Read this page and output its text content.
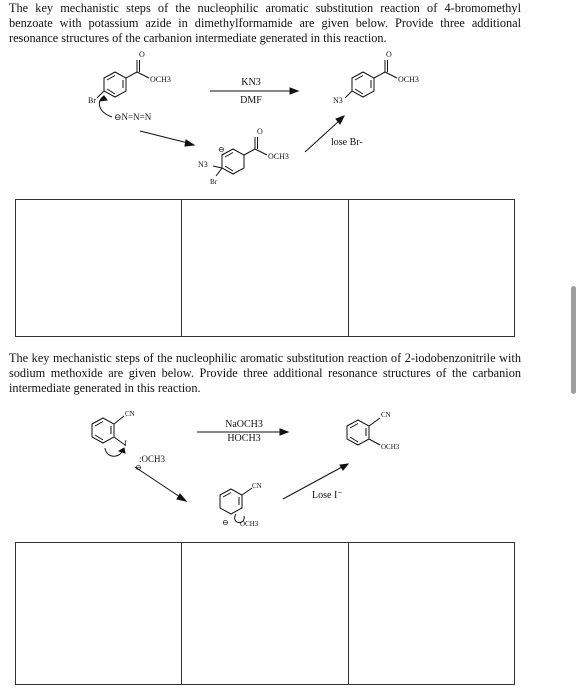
The key mechanistic steps of the nucleophilic aromatic substitution reaction of 4-bromomethyl benzoate with potassium azide in dimethylformamide are given below. Provide three additional resonance structures of the carbanion intermediate generated in this reaction.

O
OCH3
Br
⊖N=N=N
KN3
DMF
O
OCH3
N3
Br
⊖
lose Br-
O
OCH3
N3

The key mechanistic steps of the nucleophilic aromatic substitution reaction of 2-iodobenzonitrile with sodium methoxide are given below. Provide three additional resonance structures of the carbanion intermediate generated in this reaction.

CN
I
:OCH3
⊖
NaOCH3
HOCH3
CN
OCH3
⊖
Lose I⁻
CN
OCH3
